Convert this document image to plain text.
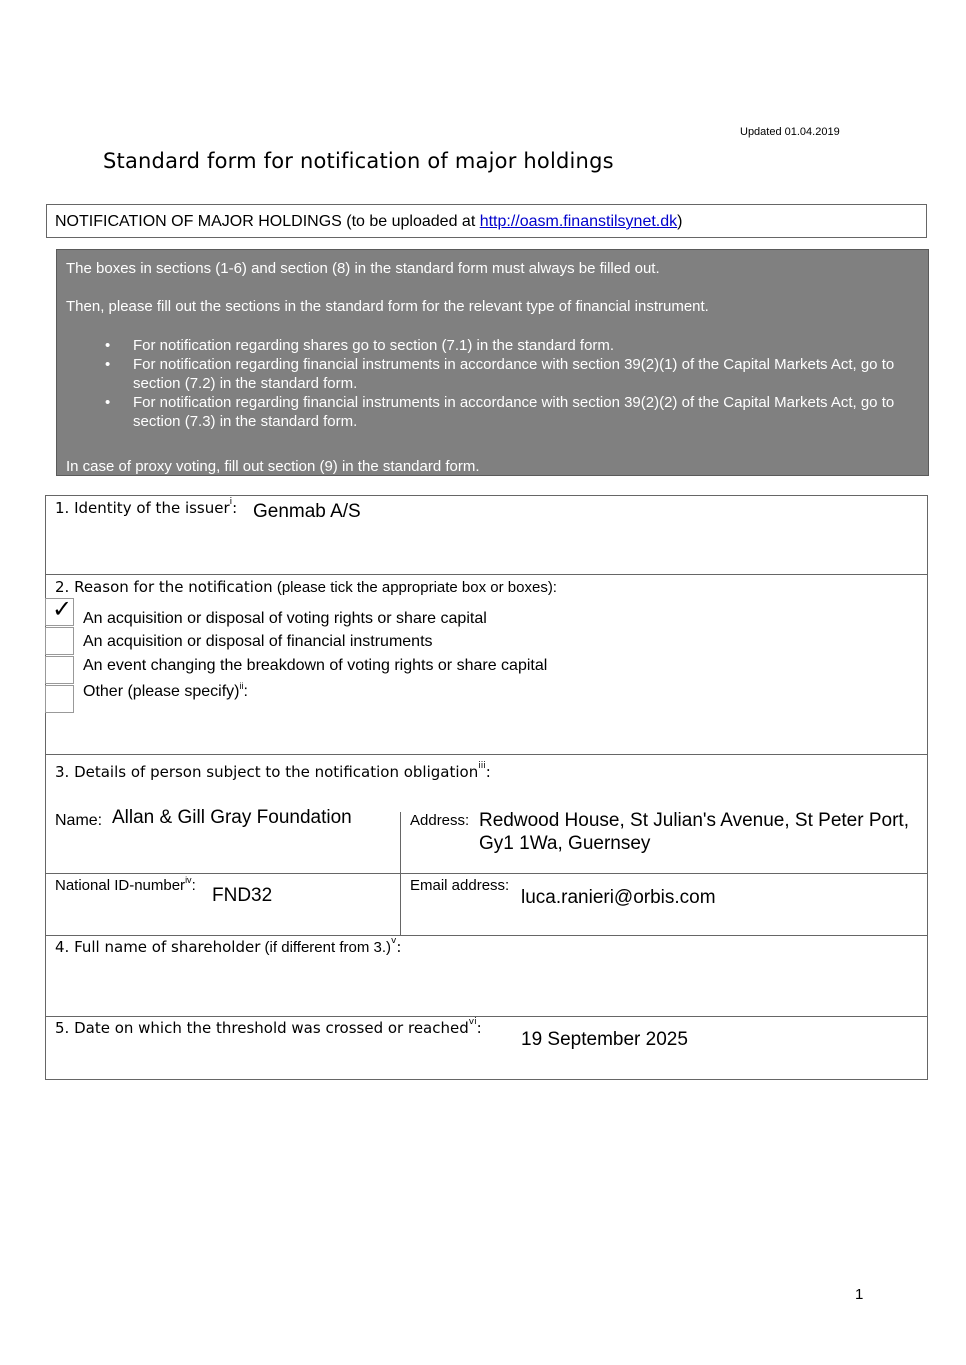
Updated 01.04.2019
Standard form for notification of major holdings
NOTIFICATION OF MAJOR HOLDINGS (to be uploaded at http://oasm.finanstilsynet.dk)

The boxes in sections (1-6) and section (8) in the standard form must always be filled out.

Then, please fill out the sections in the standard form for the relevant type of financial instrument.

• For notification regarding shares go to section (7.1) in the standard form.
• For notification regarding financial instruments in accordance with section 39(2)(1) of the Capital Markets Act, go to section (7.2) in the standard form.
• For notification regarding financial instruments in accordance with section 39(2)(2) of the Capital Markets Act, go to section (7.3) in the standard form.

In case of proxy voting, fill out section (9) in the standard form.

1. Identity of the issuer$^i$: Genmab A/S
2. Reason for the notification (please tick the appropriate box or boxes):
✓ An acquisition or disposal of voting rights or share capital
An acquisition or disposal of financial instruments
An event changing the breakdown of voting rights or share capital
Other (please specify)$^{ii}$:
3. Details of person subject to the notification obligation$^{iii}$:
Name: Allan & Gill Gray Foundation	Address: Redwood House, St Julian's Avenue, St Peter Port,
Gy1 1Wa, Guernsey
National ID-number$^{iv}$: FND32	Email address:
luca.ranieri@orbis.com
4. Full name of shareholder (if different from 3.)$^v$:
5. Date on which the threshold was crossed or reached$^{vi}$:
19 September 2025
1
